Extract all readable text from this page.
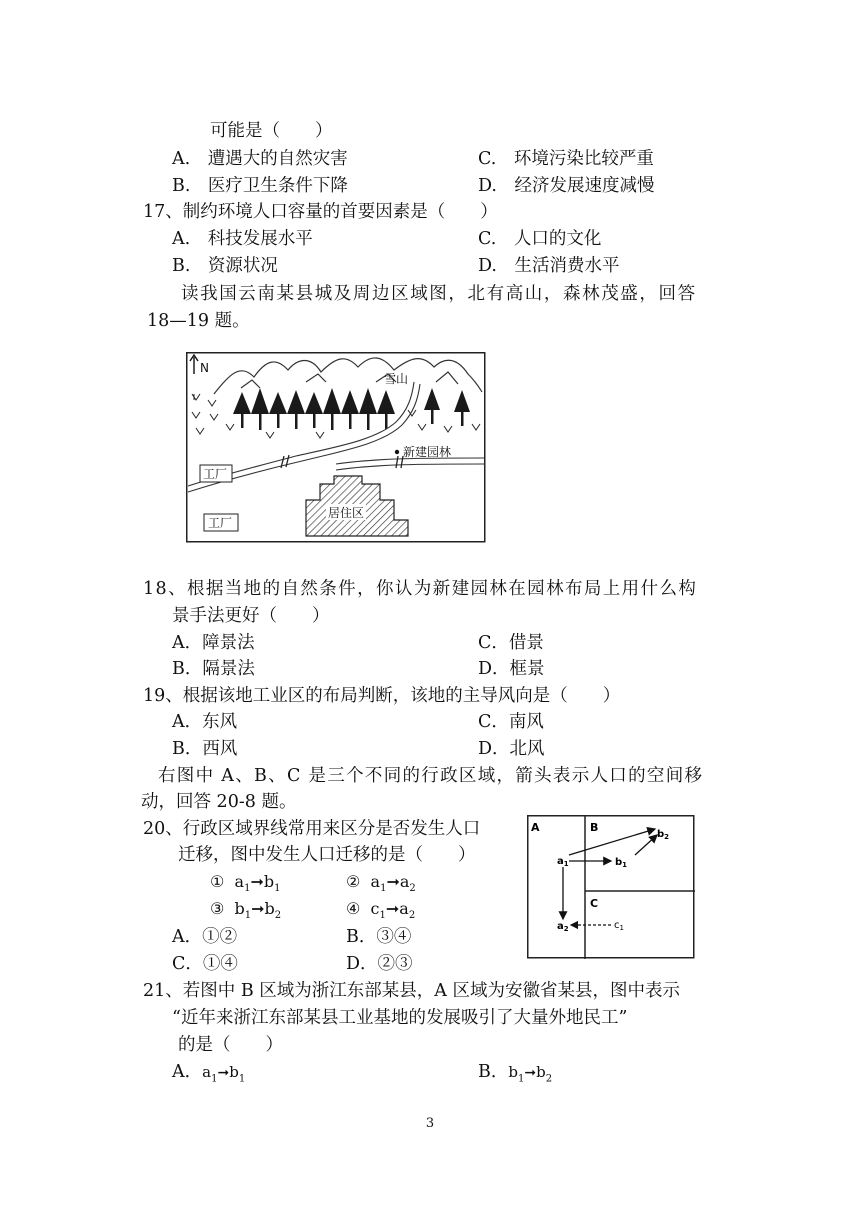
可能是（　　）
A.　遭遇大的自然灾害	C.　环境污染比较严重
B.　医疗卫生条件下降	D.　经济发展速度减慢
17、制约环境人口容量的首要因素是（　　）
A.　科技发展水平	C.　人口的文化
B.　资源状况	D.　生活消费水平
读我国云南某县城及周边区域图，北有高山，森林茂盛，回答
18—19 题。
N
雪山
新建园林
工厂
工厂
居住区
18、根据当地的自然条件，你认为新建园林在园林布局上用什么构
景手法更好（　　）
A．障景法	C．借景
B．隔景法	D．框景
19、根据该地工业区的布局判断，该地的主导风向是（　　）
A．东风	C．南风
B．西风	D．北风
右图中 A、B、C 是三个不同的行政区域，箭头表示人口的空间移
动，回答 20-8 题。
20、行政区域界线常用来区分是否发生人口
迁移，图中发生人口迁移的是（　　）
① $a_1➞b_1$	② $a_1➞a_2$
③ $b_1➞b_2$	④ $c_1➞a_2$
A．①②	B．③④
C．①④	D．②③
A	B
C
$a_1$
$a_2$
$b_1$
$b_2$
$c_1$
21、若图中 B 区域为浙江东部某县，A 区域为安徽省某县，图中表示
“近年来浙江东部某县工业基地的发展吸引了大量外地民工”
的是（　　）
A．$a_1➞b_1$	B．$b_1➞b_2$
3
